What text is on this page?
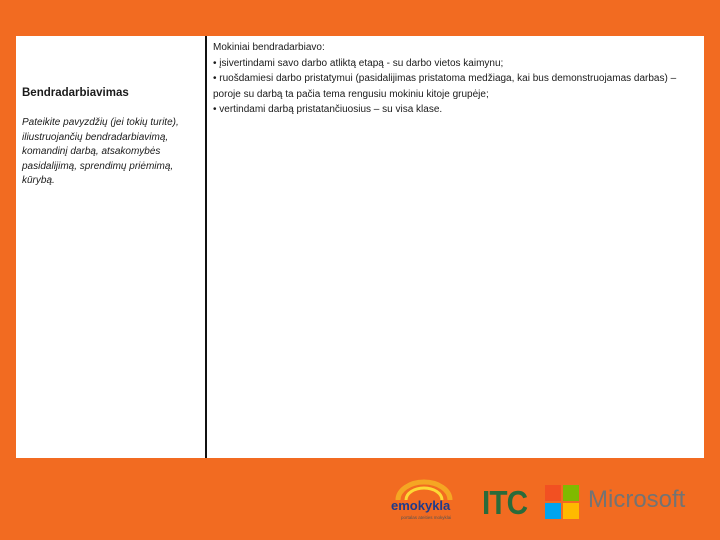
Bendradarbiavimas
Pateikite pavyzdžių (jei tokių turite), iliustruojančių bendradarbiavimą, komandinį darbą, atsakomybės pasidalijimą, sprendimų priėmimą, kūrybą.
Mokiniai bendradarbiavo:
• įsivertindami savo darbo atliktą etapą - su darbo vietos kaimynu;
• ruošdamiesi darbo pristatymui (pasidalijimas pristatoma medžiaga, kai bus demonstruojamas darbas) – poroje su darbą ta pačia tema rengusiu mokiniu kitoje grupėje;
• vertindami darbą pristatančiuosius – su visa klase.
emokykla
portalas ateities mokyklai ITC	Microsoft
